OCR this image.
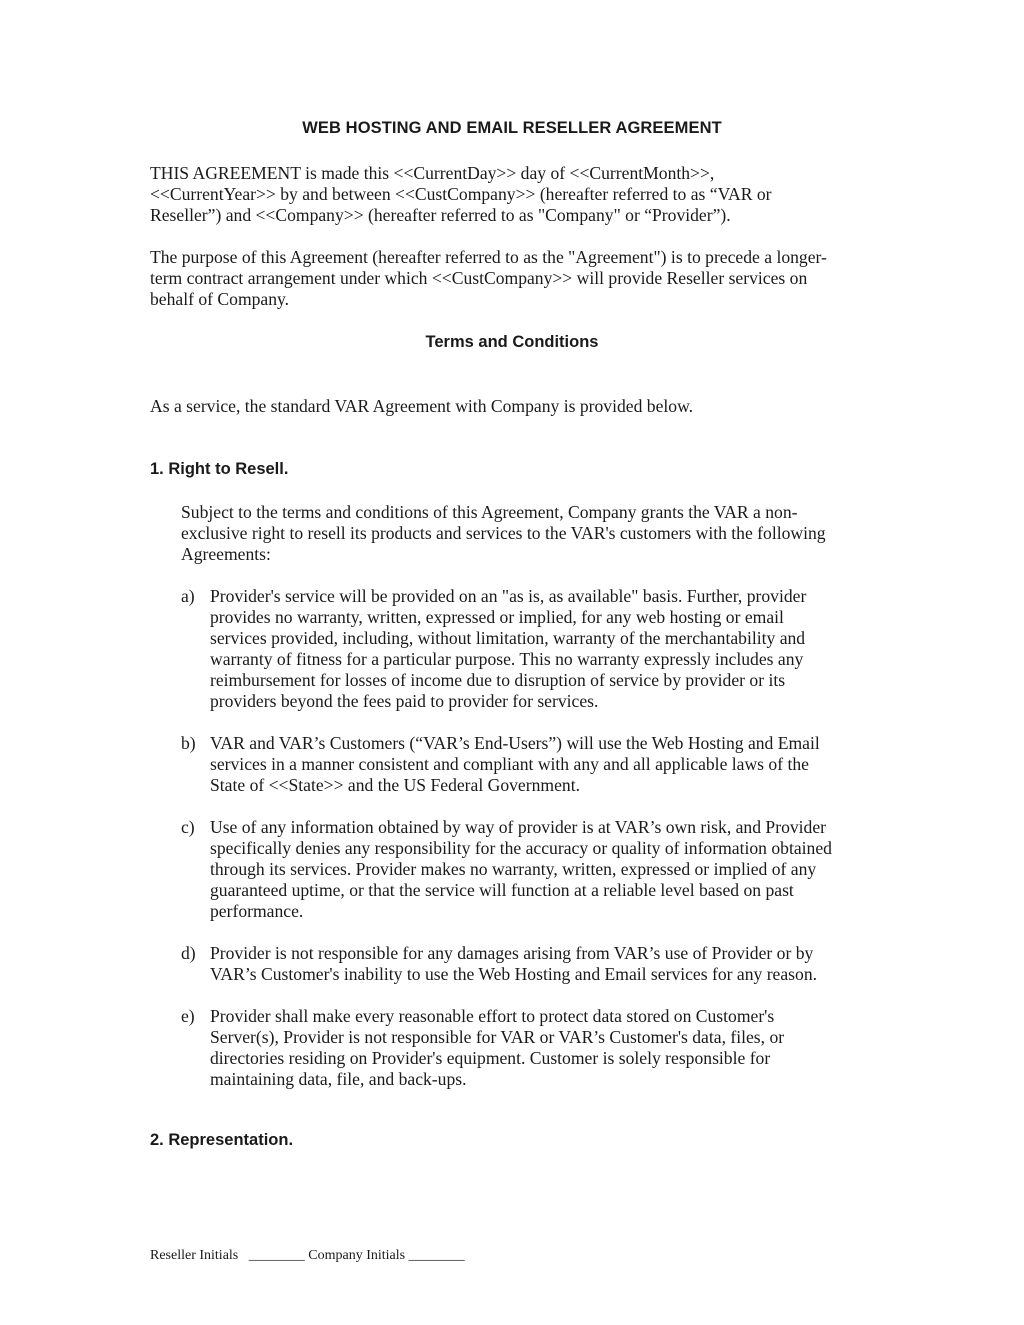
WEB HOSTING AND EMAIL RESELLER AGREEMENT

THIS AGREEMENT is made this <<CurrentDay>> day of <<CurrentMonth>>,
<<CurrentYear>> by and between <<CustCompany>> (hereafter referred to as “VAR or
Reseller”) and <<Company>> (hereafter referred to as "Company" or “Provider”).

The purpose of this Agreement (hereafter referred to as the "Agreement") is to precede a longer-
term contract arrangement under which <<CustCompany>> will provide Reseller services on
behalf of Company.

Terms and Conditions

As a service, the standard VAR Agreement with Company is provided below.

1. Right to Resell.

Subject to the terms and conditions of this Agreement, Company grants the VAR a non-
exclusive right to resell its products and services to the VAR's customers with the following
Agreements:

a) Provider's service will be provided on an "as is, as available" basis. Further, provider
provides no warranty, written, expressed or implied, for any web hosting or email
services provided, including, without limitation, warranty of the merchantability and
warranty of fitness for a particular purpose. This no warranty expressly includes any
reimbursement for losses of income due to disruption of service by provider or its
providers beyond the fees paid to provider for services.
b) VAR and VAR’s Customers (“VAR’s End-Users”) will use the Web Hosting and Email
services in a manner consistent and compliant with any and all applicable laws of the
State of <<State>> and the US Federal Government.
c) Use of any information obtained by way of provider is at VAR’s own risk, and Provider
specifically denies any responsibility for the accuracy or quality of information obtained
through its services. Provider makes no warranty, written, expressed or implied of any
guaranteed uptime, or that the service will function at a reliable level based on past
performance.
d) Provider is not responsible for any damages arising from VAR’s use of Provider or by
VAR’s Customer's inability to use the Web Hosting and Email services for any reason.
e) Provider shall make every reasonable effort to protect data stored on Customer's
Server(s), Provider is not responsible for VAR or VAR’s Customer's data, files, or
directories residing on Provider's equipment. Customer is solely responsible for
maintaining data, file, and back-ups.
2. Representation.

Reseller Initials   ________ Company Initials ________
